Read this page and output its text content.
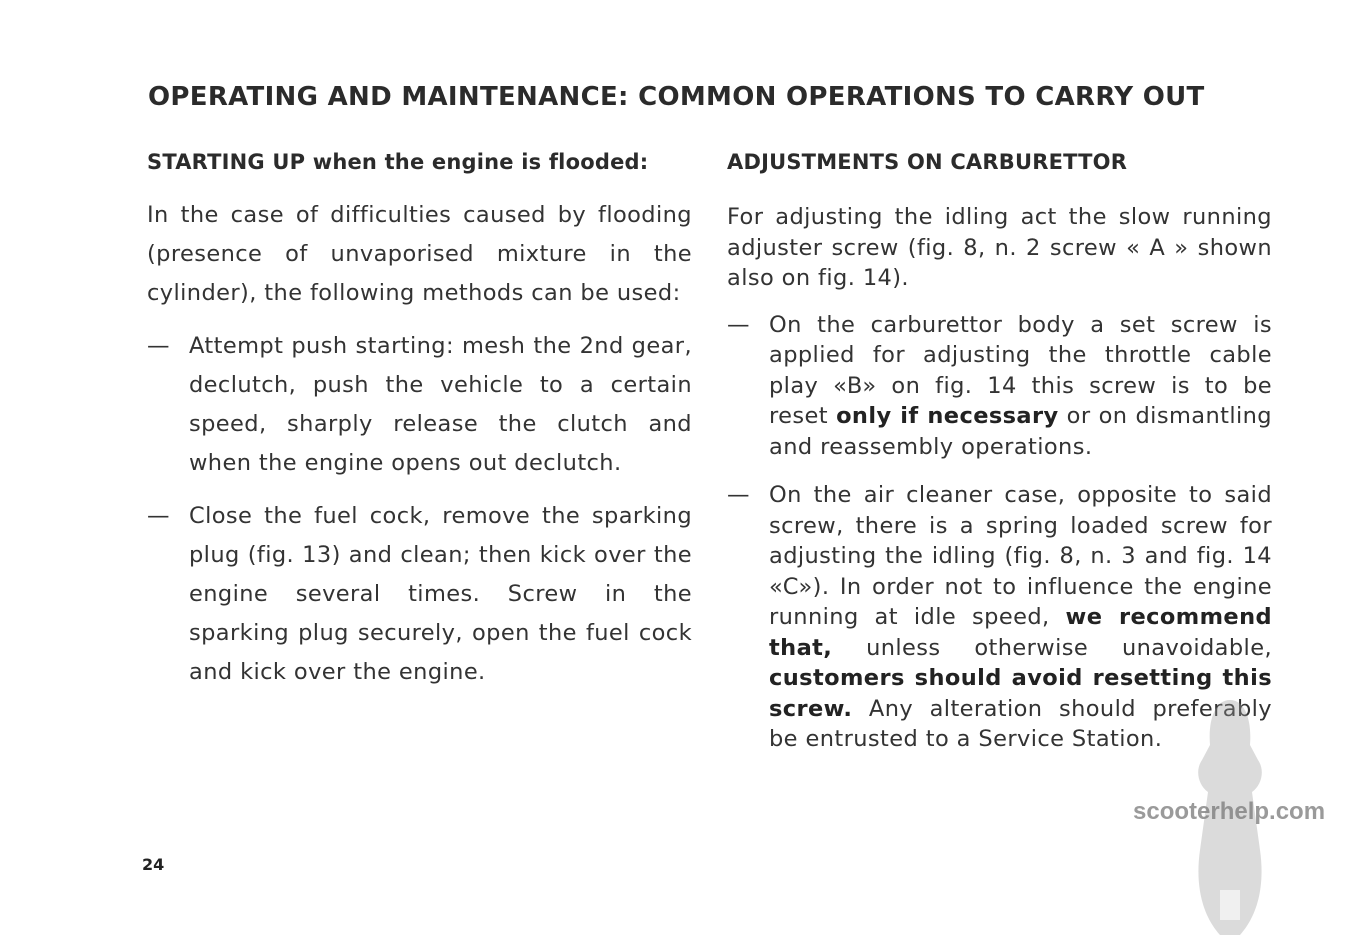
OPERATING AND MAINTENANCE: COMMON OPERATIONS TO CARRY OUT
STARTING UP when the engine is flooded:

In the case of difficulties caused by flooding (presence of unvaporised mixture in the cylinder), the following methods can be used:

— Attempt push starting: mesh the 2nd gear, declutch, push the vehicle to a certain speed, sharply release the clutch and when the engine opens out declutch.
— Close the fuel cock, remove the sparking plug (fig. 13) and clean; then kick over the engine several times. Screw in the sparking plug securely, open the fuel cock and kick over the engine.
ADJUSTMENTS ON CARBURETTOR

For adjusting the idling act the slow running adjuster screw (fig. 8, n. 2 screw « A » shown also on fig. 14).

— On the carburettor body a set screw is applied for adjusting the throttle cable play «B» on fig. 14 this screw is to be reset only if necessary or on dismantling and reassembly operations.
— On the air cleaner case, opposite to said screw, there is a spring loaded screw for adjusting the idling (fig. 8, n. 3 and fig. 14 «C»). In order not to influence the engine running at idle speed, we recommend that, unless otherwise unavoidable, customers should avoid resetting this screw. Any alteration should preferably be entrusted to a Service Station.
24
scooterhelp.com
